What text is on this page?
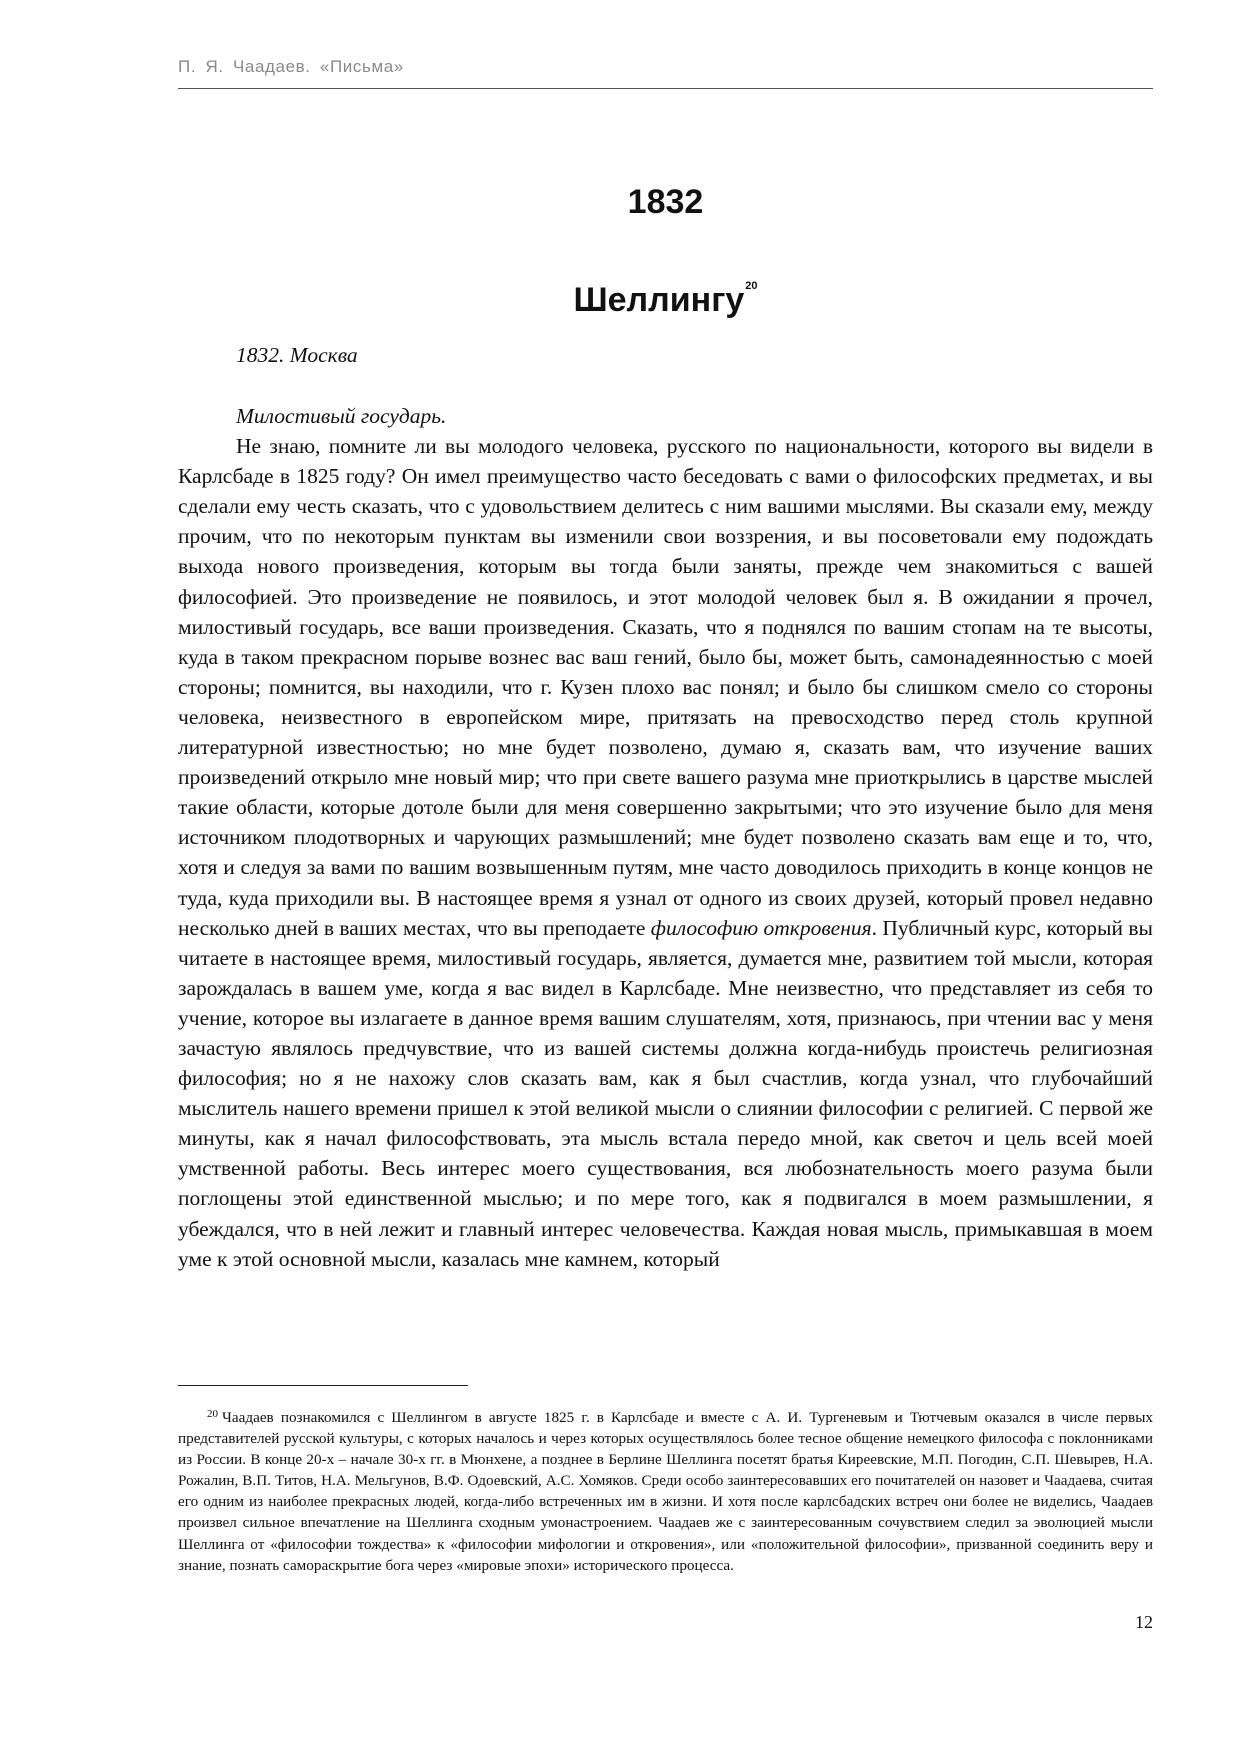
П. Я. Чаадаев. «Письма»
1832
Шеллингу$^{20}$
1832. Москва

Милостивый государь.

Не знаю, помните ли вы молодого человека, русского по национальности, которого вы видели в Карлсбаде в 1825 году? Он имел преимущество часто беседовать с вами о философских предметах, и вы сделали ему честь сказать, что с удовольствием делитесь с ним вашими мыслями. Вы сказали ему, между прочим, что по некоторым пунктам вы изменили свои воззрения, и вы посоветовали ему подождать выхода нового произведения, которым вы тогда были заняты, прежде чем знакомиться с вашей философией. Это произведение не появилось, и этот молодой человек был я. В ожидании я прочел, милостивый государь, все ваши произведения. Сказать, что я поднялся по вашим стопам на те высоты, куда в таком прекрасном порыве вознес вас ваш гений, было бы, может быть, самонадеянностью с моей стороны; помнится, вы находили, что г. Кузен плохо вас понял; и было бы слишком смело со стороны человека, неизвестного в европейском мире, притязать на превосходство перед столь крупной литературной известностью; но мне будет позволено, думаю я, сказать вам, что изучение ваших произведений открыло мне новый мир; что при свете вашего разума мне приоткрылись в царстве мыслей такие области, которые дотоле были для меня совершенно закрытыми; что это изучение было для меня источником плодотворных и чарующих размышлений; мне будет позволено сказать вам еще и то, что, хотя и следуя за вами по вашим возвышенным путям, мне часто доводилось приходить в конце концов не туда, куда приходили вы. В настоящее время я узнал от одного из своих друзей, который провел недавно несколько дней в ваших местах, что вы преподаете философию откровения. Публичный курс, который вы читаете в настоящее время, милостивый государь, является, думается мне, развитием той мысли, которая зарождалась в вашем уме, когда я вас видел в Карлсбаде. Мне неизвестно, что представляет из себя то учение, которое вы излагаете в данное время вашим слушателям, хотя, признаюсь, при чтении вас у меня зачастую являлось предчувствие, что из вашей системы должна когда-нибудь проистечь религиозная философия; но я не нахожу слов сказать вам, как я был счастлив, когда узнал, что глубочайший мыслитель нашего времени пришел к этой великой мысли о слиянии философии с религией. С первой же минуты, как я начал философствовать, эта мысль встала передо мной, как светоч и цель всей моей умственной работы. Весь интерес моего существования, вся любознательность моего разума были поглощены этой единственной мыслью; и по мере того, как я подвигался в моем размышлении, я убеждался, что в ней лежит и главный интерес человечества. Каждая новая мысль, примыкавшая в моем уме к этой основной мысли, казалась мне камнем, который

$^{20}$ Чаадаев познакомился с Шеллингом в августе 1825 г. в Карлсбаде и вместе с А. И. Тургеневым и Тютчевым оказался в числе первых представителей русской культуры, с которых началось и через которых осуществлялось более тесное общение немецкого философа с поклонниками из России. В конце 20-х – начале 30-х гг. в Мюнхене, а позднее в Берлине Шеллинга посетят братья Киреевские, М.П. Погодин, С.П. Шевырев, Н.А. Рожалин, В.П. Титов, Н.А. Мельгунов, В.Ф. Одоевский, А.С. Хомяков. Среди особо заинтересовавших его почитателей он назовет и Чаадаева, считая его одним из наиболее прекрасных людей, когда-либо встреченных им в жизни. И хотя после карлсбадских встреч они более не виделись, Чаадаев произвел сильное впечатление на Шеллинга сходным умонастроением. Чаадаев же с заинтересованным сочувствием следил за эволюцией мысли Шеллинга от «философии тождества» к «философии мифологии и откровения», или «положительной философии», призванной соединить веру и знание, познать самораскрытие бога через «мировые эпохи» исторического процесса.

12
